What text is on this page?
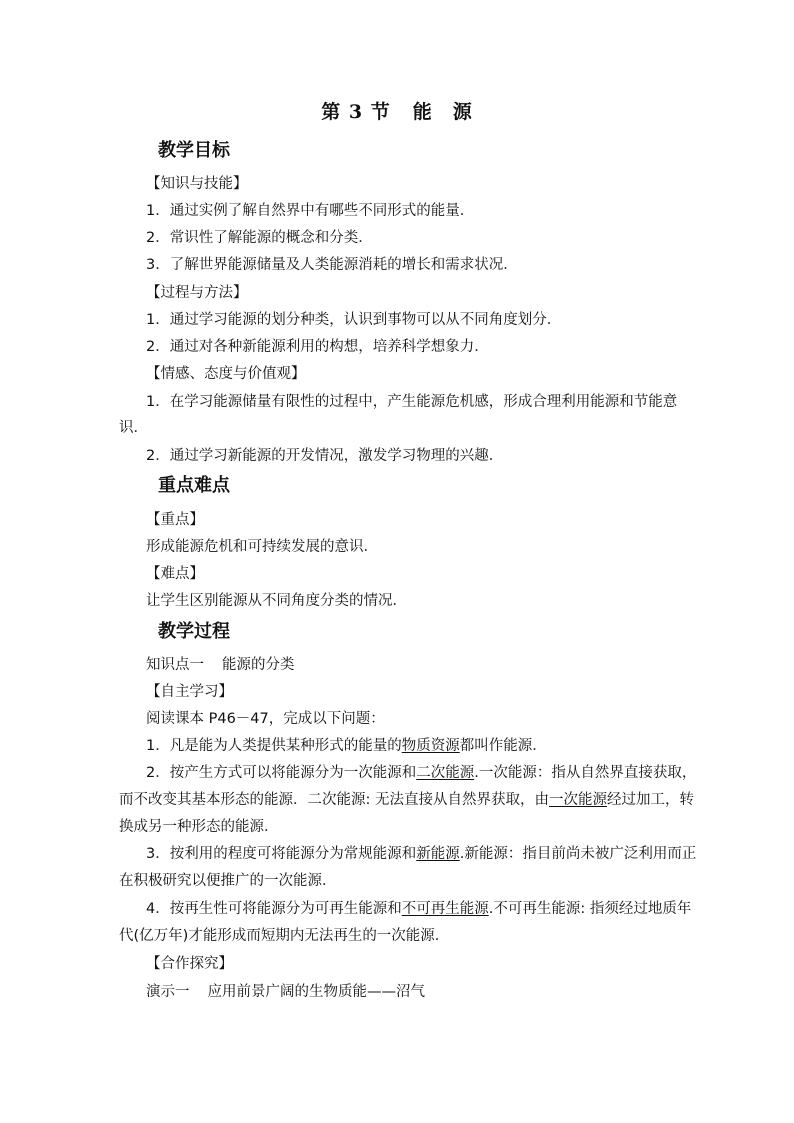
第 3 节 能　源
教学目标
【知识与技能】
1．通过实例了解自然界中有哪些不同形式的能量．
2．常识性了解能源的概念和分类．
3．了解世界能源储量及人类能源消耗的增长和需求状况．
【过程与方法】
1．通过学习能源的划分种类，认识到事物可以从不同角度划分．
2．通过对各种新能源利用的构想，培养科学想象力．
【情感、态度与价值观】
1．在学习能源储量有限性的过程中，产生能源危机感，形成合理利用能源和节能意
识．
2．通过学习新能源的开发情况，激发学习物理的兴趣．
重点难点
【重点】
形成能源危机和可持续发展的意识．
【难点】
让学生区别能源从不同角度分类的情况．
教学过程
知识点一 能源的分类
【自主学习】
阅读课本 P46－47，完成以下问题：
1．凡是能为人类提供某种形式的能量的物质资源都叫作能源．
2．按产生方式可以将能源分为一次能源和二次能源.一次能源：指从自然界直接获取，
而不改变其基本形态的能源．二次能源: 无法直接从自然界获取，由一次能源经过加工，转
换成另一种形态的能源．
3．按利用的程度可将能源分为常规能源和新能源.新能源：指目前尚未被广泛利用而正
在积极研究以便推广的一次能源．
4．按再生性可将能源分为可再生能源和不可再生能源.不可再生能源: 指须经过地质年
代(亿万年)才能形成而短期内无法再生的一次能源．
【合作探究】
演示一 应用前景广阔的生物质能——沼气
